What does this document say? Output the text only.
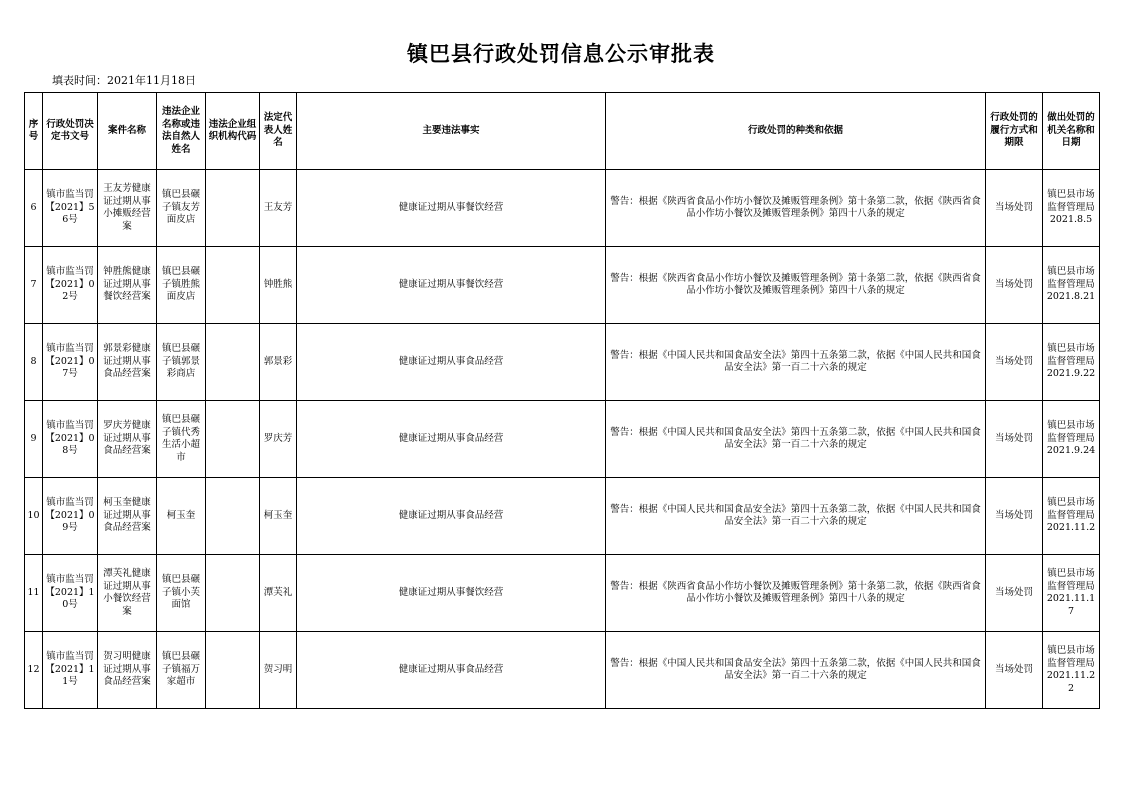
镇巴县行政处罚信息公示审批表
填表时间：2021年11月18日
序号	行政处罚决定书文号	案件名称	违法企业名称或违法自然人姓名	违法企业组织机构代码	法定代表人姓名	主要违法事实	行政处罚的种类和依据	行政处罚的履行方式和期限	做出处罚的机关名称和日期
6	镇市监当罚【2021】56号	王友芳健康证过期从事小摊贩经营案	镇巴县碾子镇友芳面皮店		王友芳	健康证过期从事餐饮经营	警告：根据《陕西省食品小作坊小餐饮及摊贩管理条例》第十条第二款，依据《陕西省食品小作坊小餐饮及摊贩管理条例》第四十八条的规定	当场处罚	镇巴县市场监督管理局2021.8.5
7	镇市监当罚【2021】02号	钟胜熊健康证过期从事餐饮经营案	镇巴县碾子镇胜熊面皮店		钟胜熊	健康证过期从事餐饮经营	警告：根据《陕西省食品小作坊小餐饮及摊贩管理条例》第十条第二款，依据《陕西省食品小作坊小餐饮及摊贩管理条例》第四十八条的规定	当场处罚	镇巴县市场监督管理局2021.8.21
8	镇市监当罚【2021】07号	郭景彩健康证过期从事食品经营案	镇巴县碾子镇郭景彩商店		郭景彩	健康证过期从事食品经营	警告：根据《中国人民共和国食品安全法》第四十五条第二款，依据《中国人民共和国食品安全法》第一百二十六条的规定	当场处罚	镇巴县市场监督管理局2021.9.22
9	镇市监当罚【2021】08号	罗庆芳健康证过期从事食品经营案	镇巴县碾子镇代秀生活小超市		罗庆芳	健康证过期从事食品经营	警告：根据《中国人民共和国食品安全法》第四十五条第二款，依据《中国人民共和国食品安全法》第一百二十六条的规定	当场处罚	镇巴县市场监督管理局2021.9.24
10	镇市监当罚【2021】09号	柯玉奎健康证过期从事食品经营案	柯玉奎		柯玉奎	健康证过期从事食品经营	警告：根据《中国人民共和国食品安全法》第四十五条第二款，依据《中国人民共和国食品安全法》第一百二十六条的规定	当场处罚	镇巴县市场监督管理局2021.11.2
11	镇市监当罚【2021】10号	潭芙礼健康证过期从事小餐饮经营案	镇巴县碾子镇小芙面馆		潭芙礼	健康证过期从事餐饮经营	警告：根据《陕西省食品小作坊小餐饮及摊贩管理条例》第十条第二款，依据《陕西省食品小作坊小餐饮及摊贩管理条例》第四十八条的规定	当场处罚	镇巴县市场监督管理局2021.11.17
12	镇市监当罚【2021】11号	贺习明健康证过期从事食品经营案	镇巴县碾子镇福万家超市		贺习明	健康证过期从事食品经营	警告：根据《中国人民共和国食品安全法》第四十五条第二款，依据《中国人民共和国食品安全法》第一百二十六条的规定	当场处罚	镇巴县市场监督管理局2021.11.22
